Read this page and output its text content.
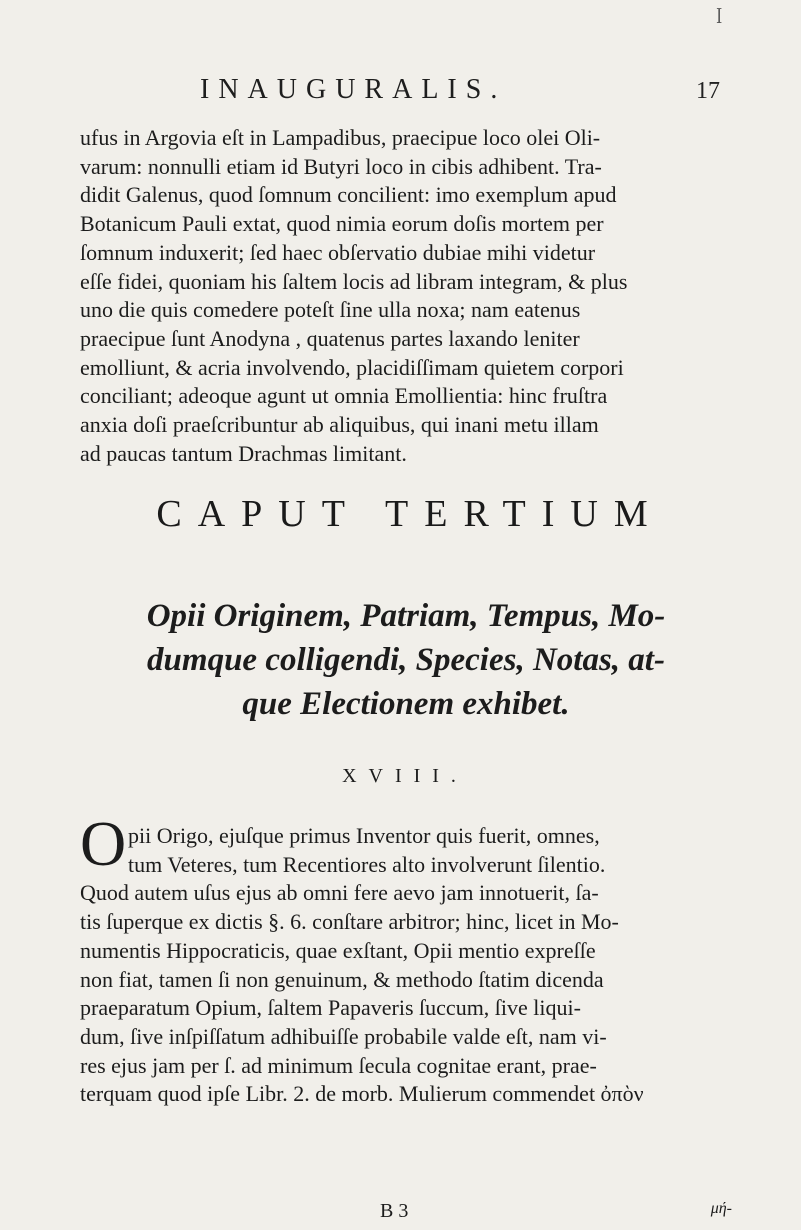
ꟾ
INAUGURALIS.	17
ufus in Argovia eſt in Lampadibus, praecipue loco olei Oli-
varum: nonnulli etiam id Butyri loco in cibis adhibent. Tra-
didit Galenus, quod ſomnum concilient: imo exemplum apud
Botanicum Pauli extat, quod nimia eorum doſis mortem per
ſomnum induxerit; ſed haec obſervatio dubiae mihi videtur
eſſe fidei, quoniam his ſaltem locis ad libram integram, & plus
uno die quis comedere poteſt ſine ulla noxa; nam eatenus
praecipue ſunt Anodyna , quatenus partes laxando leniter
emolliunt, & acria involvendo, placidiſſimam quietem corpori
conciliant; adeoque agunt ut omnia Emollientia: hinc fruſtra
anxia doſi praeſcribuntur ab aliquibus, qui inani metu illam
ad paucas tantum Drachmas limitant.
CAPUT TERTIUM
Opii Originem, Patriam, Tempus, Mo-
dumque colligendi, Species, Notas, at-
que Electionem exhibet.
XVIII.
O pii Origo, ejuſque primus Inventor quis fuerit, omnes,
tum Veteres, tum Recentiores alto involverunt ſilentio.
Quod autem uſus ejus ab omni fere aevo jam innotuerit, ſa-
tis ſuperque ex dictis §. 6. conſtare arbitror; hinc, licet in Mo-
numentis Hippocraticis, quae exſtant, Opii mentio expreſſe
non fiat, tamen ſi non genuinum, & methodo ſtatim dicenda
praeparatum Opium, ſaltem Papaveris ſuccum, ſive liqui-
dum, ſive inſpiſſatum adhibuiſſe probabile valde eſt, nam vi-
res ejus jam per ſ. ad minimum ſecula cognitae erant, prae-
terquam quod ipſe Libr. 2. de morb. Mulierum commendet ὀπὸν
B 3	μή-
